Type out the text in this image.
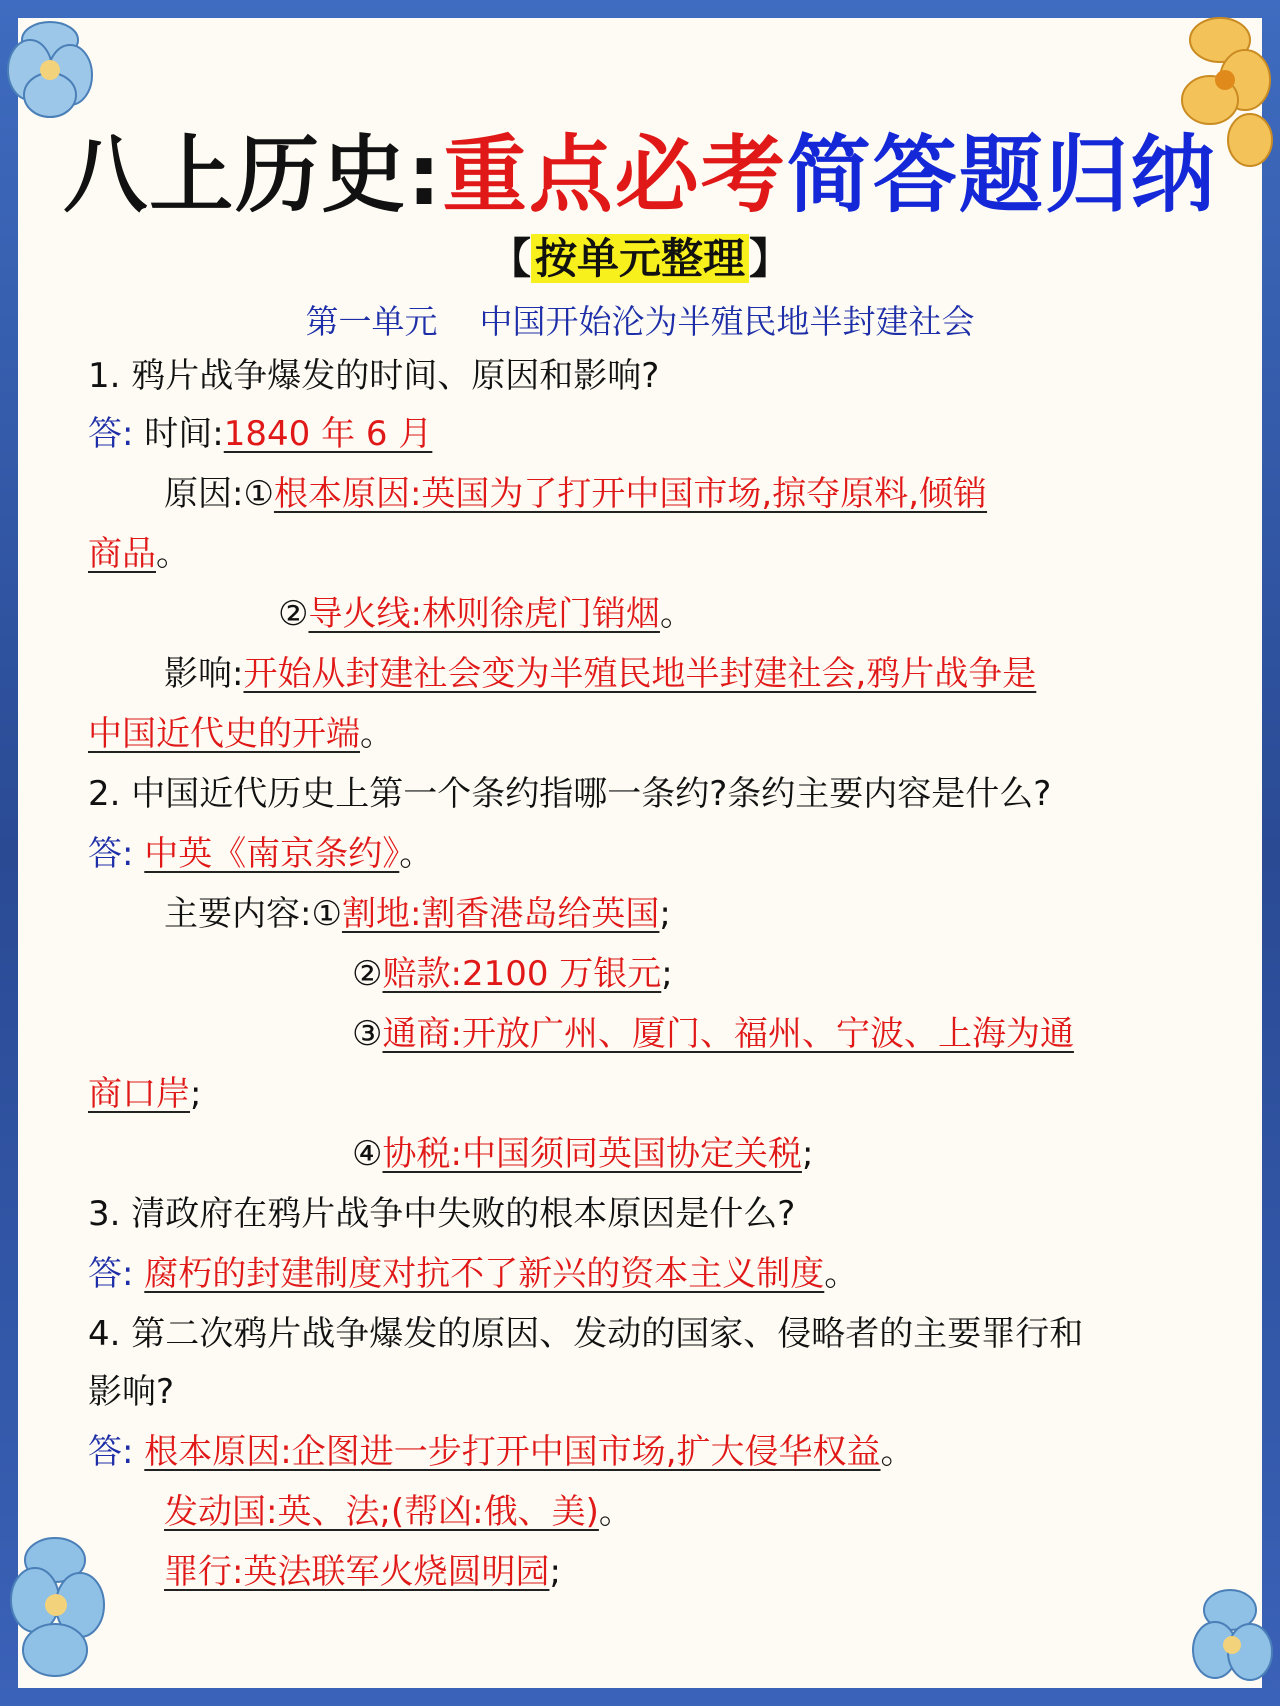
八上历史:重点必考简答题归纳
【按单元整理】
第一单元    中国开始沦为半殖民地半封建社会
1. 鸦片战争爆发的时间、原因和影响?
答: 时间:1840 年 6 月
原因:①根本原因:英国为了打开中国市场,掠夺原料,倾销
商品。
②导火线:林则徐虎门销烟。
影响:开始从封建社会变为半殖民地半封建社会,鸦片战争是
中国近代史的开端。
2. 中国近代历史上第一个条约指哪一条约?条约主要内容是什么?
答: 中英《南京条约》。
主要内容:①割地:割香港岛给英国;
②赔款:2100 万银元;
③通商:开放广州、厦门、福州、宁波、上海为通
商口岸;
④协税:中国须同英国协定关税;
3. 清政府在鸦片战争中失败的根本原因是什么?
答: 腐朽的封建制度对抗不了新兴的资本主义制度。
4. 第二次鸦片战争爆发的原因、发动的国家、侵略者的主要罪行和
影响?
答: 根本原因:企图进一步打开中国市场,扩大侵华权益。
发动国:英、法;(帮凶:俄、美)。
罪行:英法联军火烧圆明园;
